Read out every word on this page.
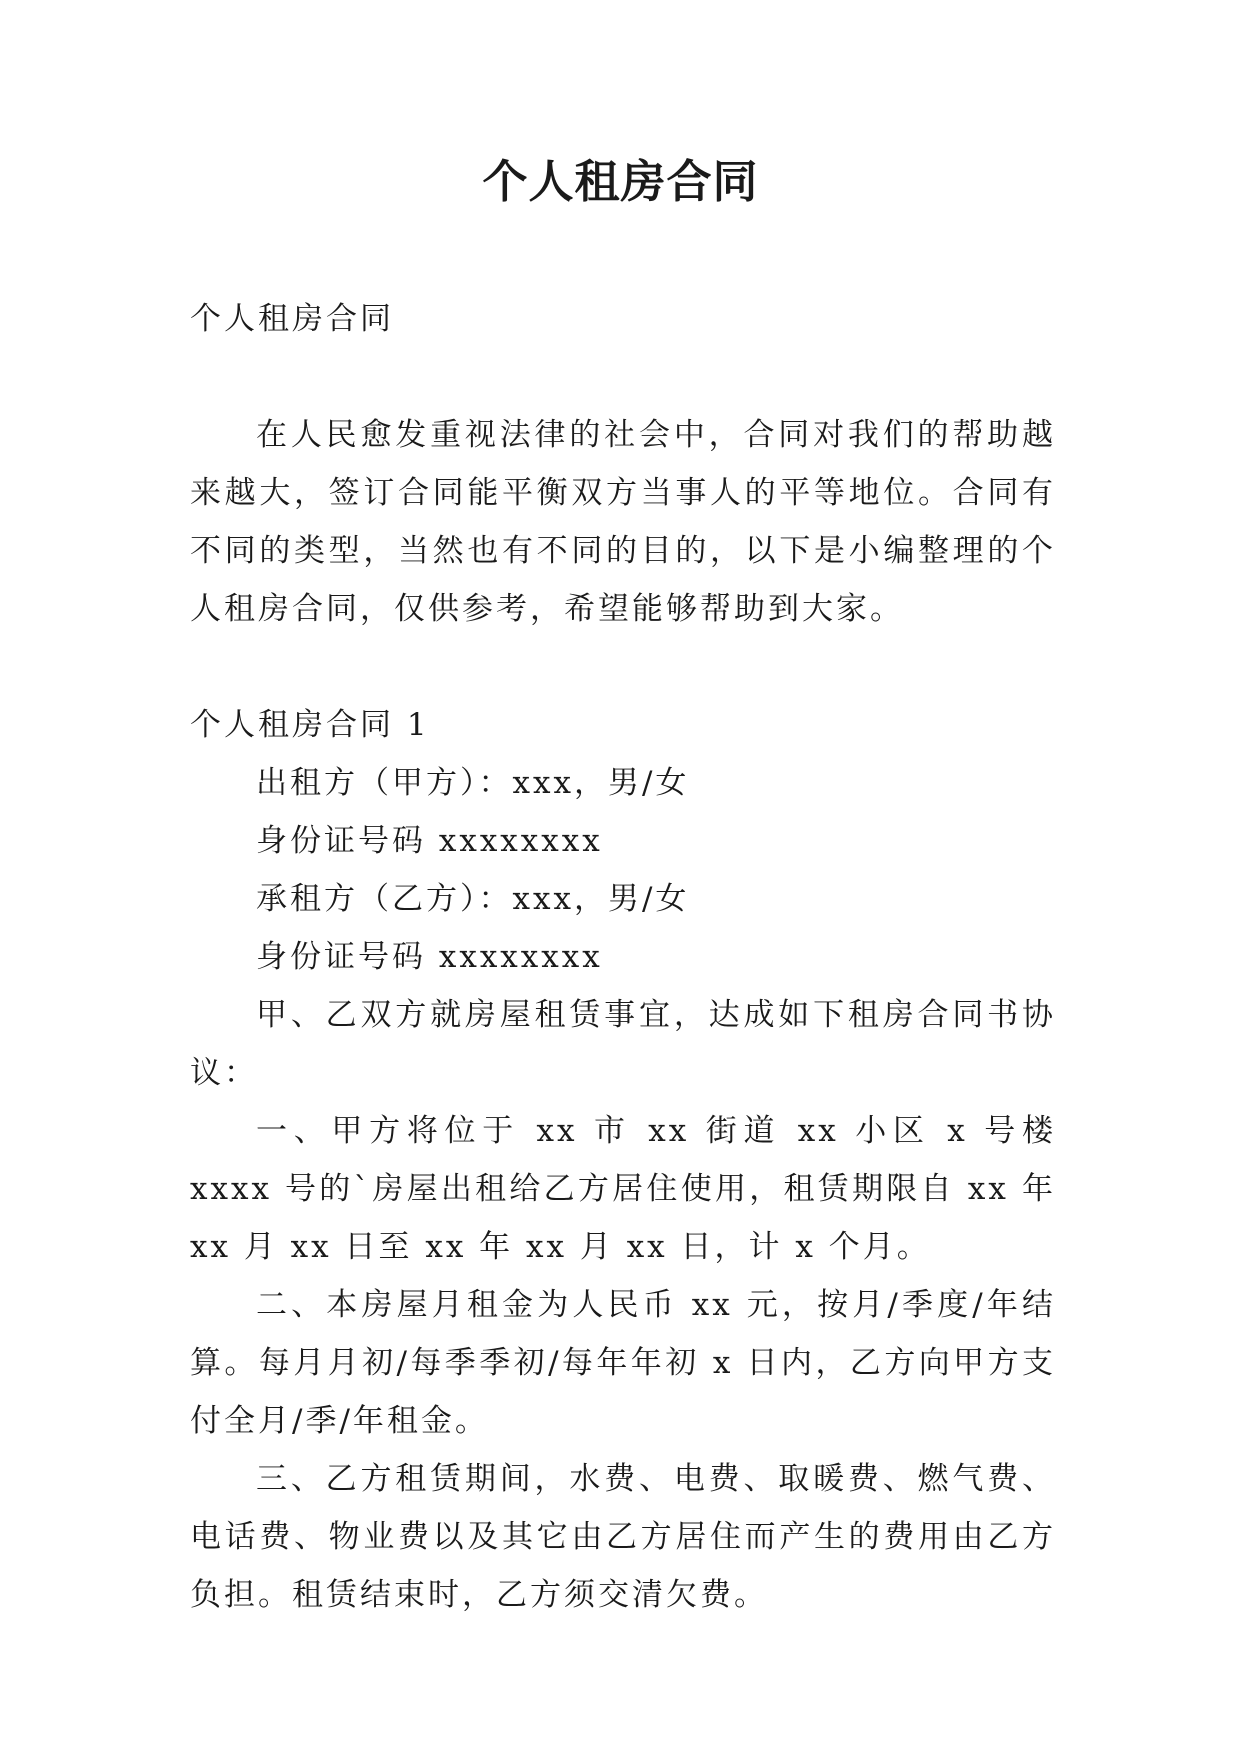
个人租房合同

个人租房合同

在人民愈发重视法律的社会中，合同对我们的帮助越来越大，签订合同能平衡双方当事人的平等地位。合同有不同的类型，当然也有不同的目的，以下是小编整理的个人租房合同，仅供参考，希望能够帮助到大家。

个人租房合同 1

出租方（甲方）：xxx，男/女

身份证号码 xxxxxxxx

承租方（乙方）：xxx，男/女

身份证号码 xxxxxxxx

甲、乙双方就房屋租赁事宜，达成如下租房合同书协议：

一、甲方将位于 xx 市 xx 街道 xx 小区 x 号楼 xxxx 号的`房屋出租给乙方居住使用，租赁期限自 xx 年 xx 月 xx 日至 xx 年 xx 月 xx 日，计 x 个月。

二、本房屋月租金为人民币 xx 元，按月/季度/年结算。每月月初/每季季初/每年年初 x 日内，乙方向甲方支付全月/季/年租金。

三、乙方租赁期间，水费、电费、取暖费、燃气费、电话费、物业费以及其它由乙方居住而产生的费用由乙方负担。租赁结束时，乙方须交清欠费。
